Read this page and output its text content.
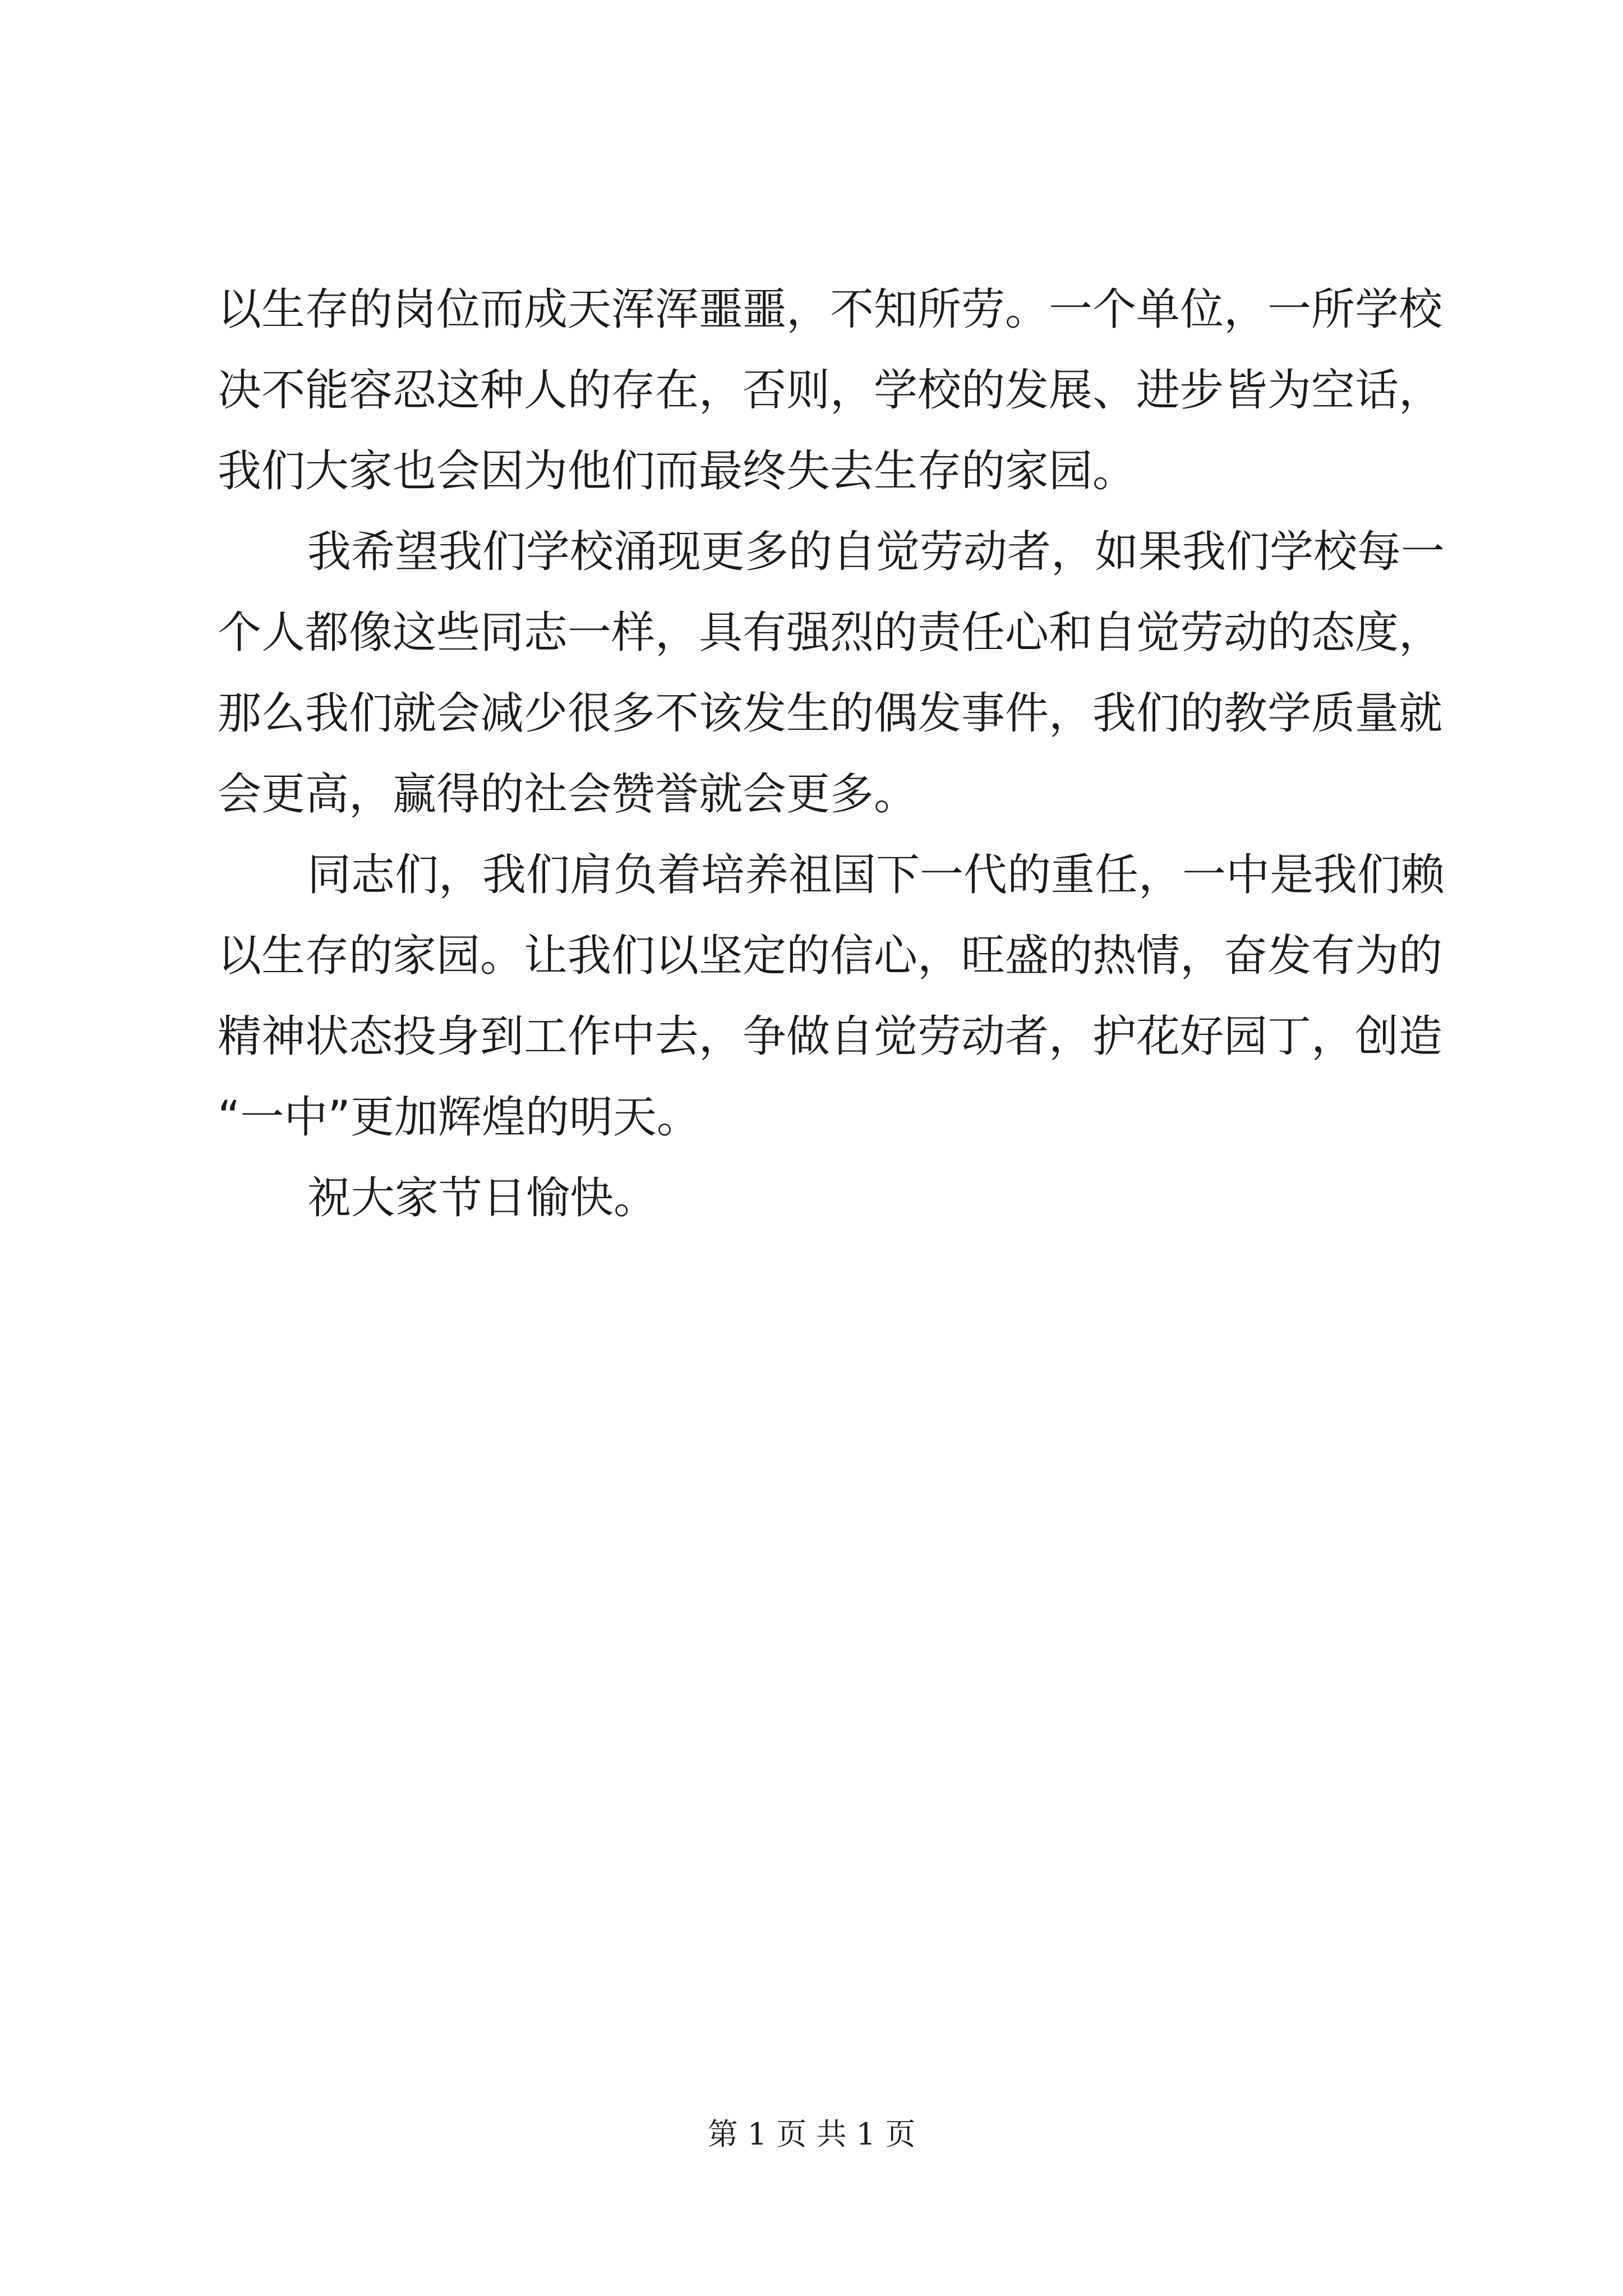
以生存的岗位而成天浑浑噩噩，不知所劳。一个单位，一所学校
决不能容忍这种人的存在，否则，学校的发展、进步皆为空话，
我们大家也会因为他们而最终失去生存的家园。
我希望我们学校涌现更多的自觉劳动者，如果我们学校每一
个人都像这些同志一样，具有强烈的责任心和自觉劳动的态度，
那么我们就会减少很多不该发生的偶发事件，我们的教学质量就
会更高，赢得的社会赞誉就会更多。
同志们，我们肩负着培养祖国下一代的重任，一中是我们赖
以生存的家园。让我们以坚定的信心，旺盛的热情，奋发有为的
精神状态投身到工作中去，争做自觉劳动者，护花好园丁，创造
“一中”更加辉煌的明天。
祝大家节日愉快。
第 1 页 共 1 页
